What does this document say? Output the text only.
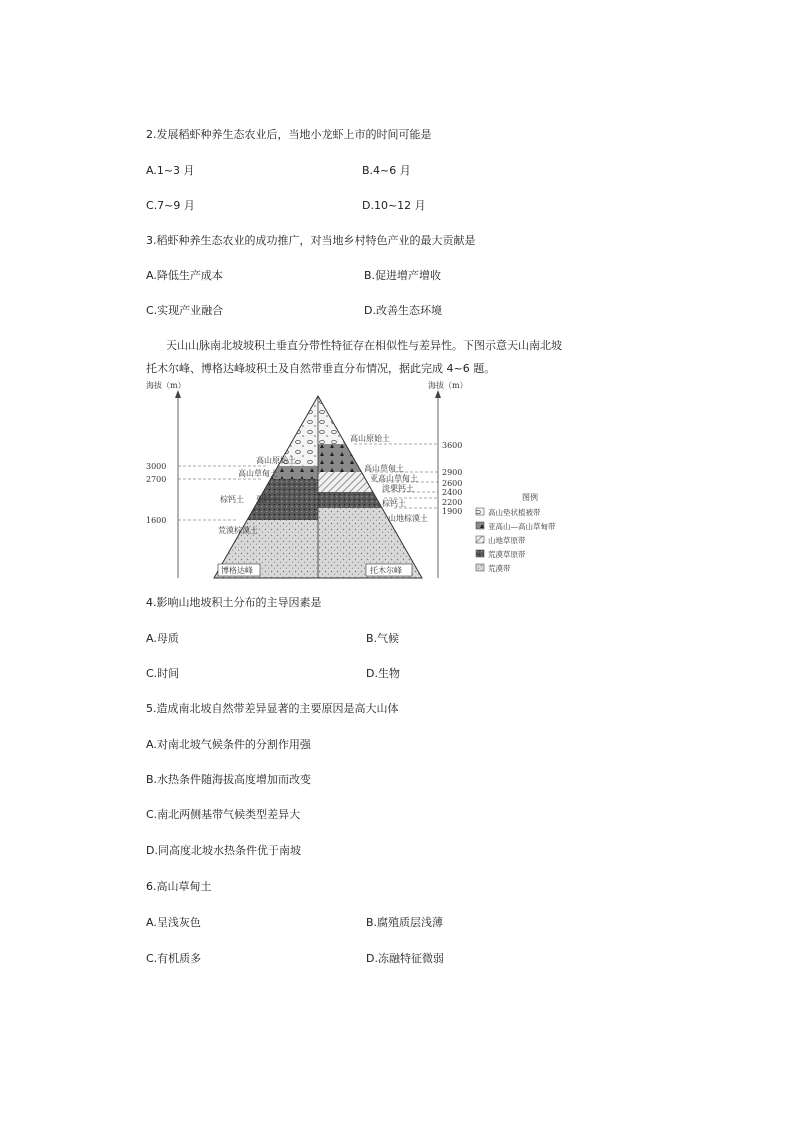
2.发展稻虾种养生态农业后，当地小龙虾上市的时间可能是
A.1~3 月	B.4~6 月
C.7~9 月	D.10~12 月
3.稻虾种养生态农业的成功推广，对当地乡村特色产业的最大贡献是
A.降低生产成本	B.促进增产增收
C.实现产业融合	D.改善生态环境
天山山脉南北坡坡积土垂直分带性特征存在相似性与差异性。下图示意天山南北坡
托木尔峰、博格达峰坡积土及自然带垂直分布情况，据此完成 4~6 题。
海拔（m）
3000
2700
1600
海拔（m）
3600
2900
2600
2400
2200
1900
高山原始土
高山草甸土
棕钙土 栗钙土
荒漠棕漠土
高山原始土
高山草甸土
亚高山草甸土
淡栗钙土
棕钙土
山地棕漠土
博格达峰	托木尔峰
图例
高山垫状植被带
亚高山—高山草甸带
山地草原带
荒漠草原带
荒漠带
4.影响山地坡积土分布的主导因素是
A.母质	B.气候
C.时间	D.生物
5.造成南北坡自然带差异显著的主要原因是高大山体
A.对南北坡气候条件的分割作用强
B.水热条件随海拔高度增加而改变
C.南北两侧基带气候类型差异大
D.同高度北坡水热条件优于南坡
6.高山草甸土
A.呈浅灰色	B.腐殖质层浅薄
C.有机质多	D.冻融特征微弱
